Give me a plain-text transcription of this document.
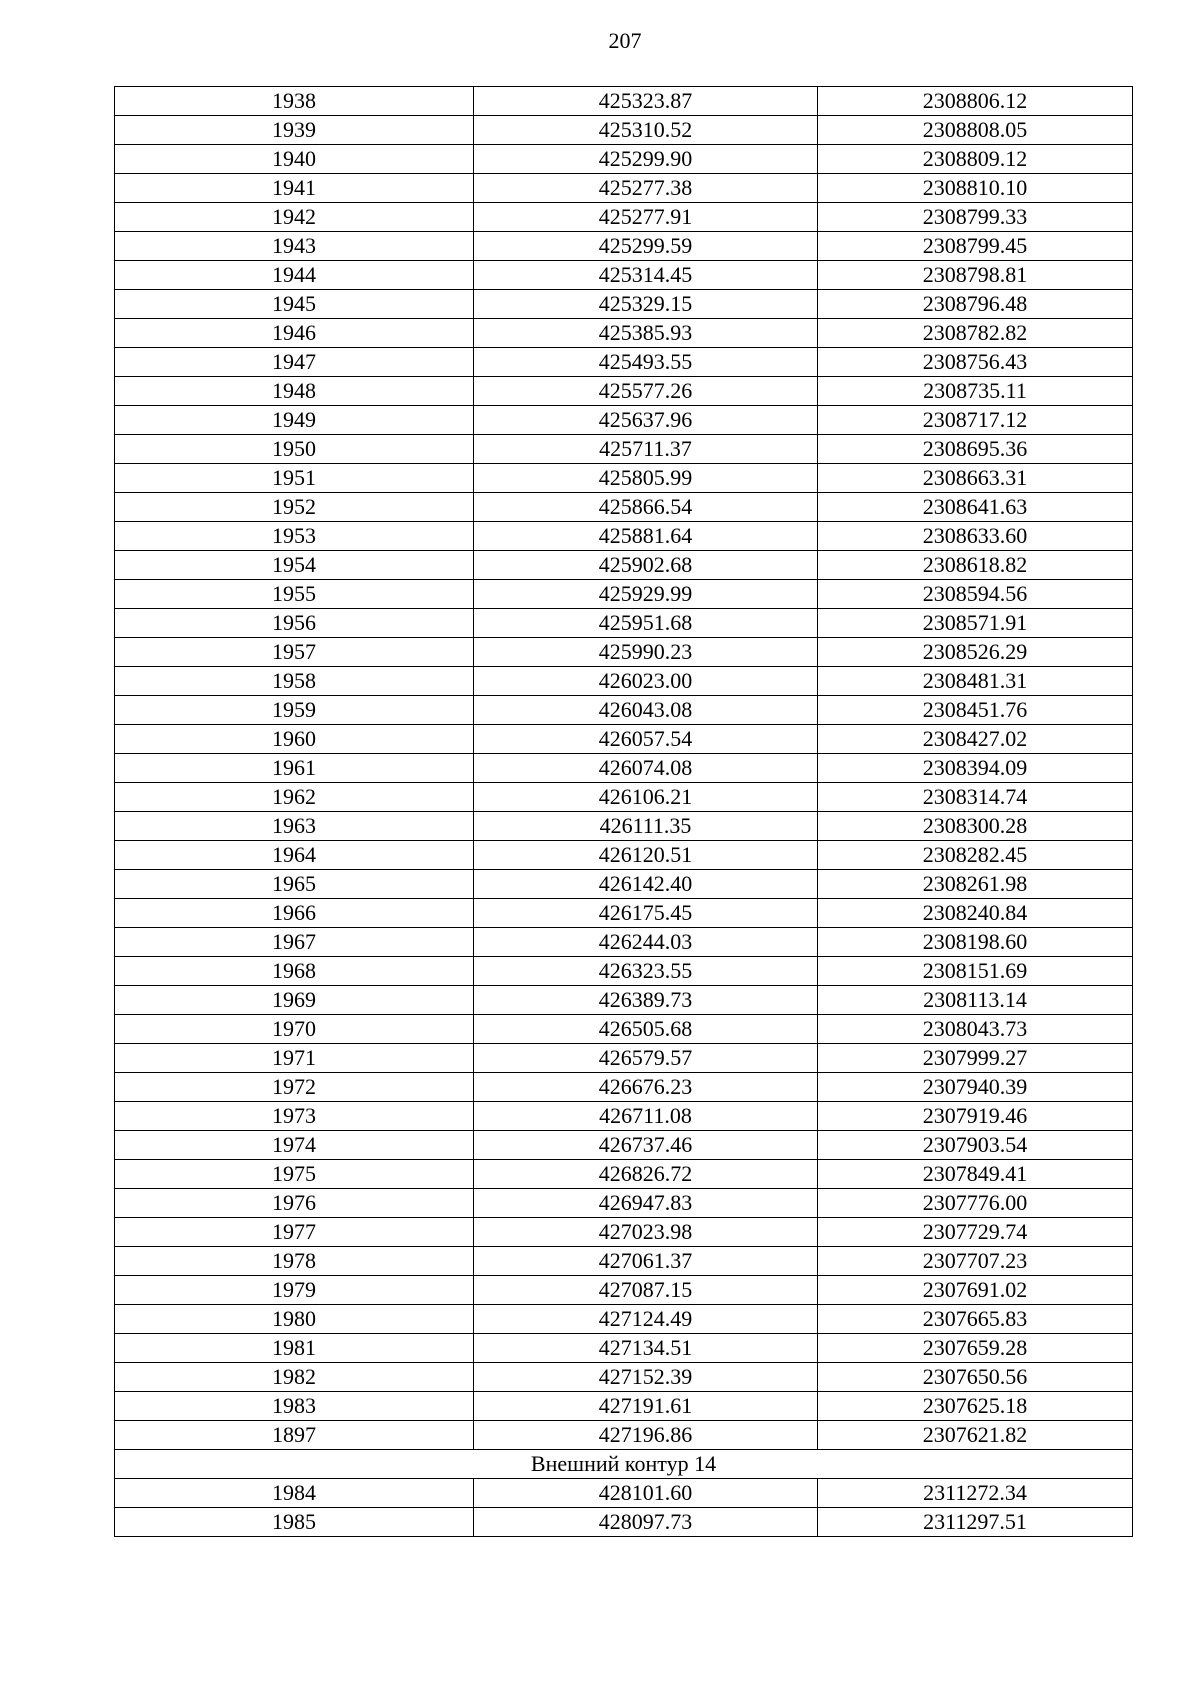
207
1938	425323.87	2308806.12
1939	425310.52	2308808.05
1940	425299.90	2308809.12
1941	425277.38	2308810.10
1942	425277.91	2308799.33
1943	425299.59	2308799.45
1944	425314.45	2308798.81
1945	425329.15	2308796.48
1946	425385.93	2308782.82
1947	425493.55	2308756.43
1948	425577.26	2308735.11
1949	425637.96	2308717.12
1950	425711.37	2308695.36
1951	425805.99	2308663.31
1952	425866.54	2308641.63
1953	425881.64	2308633.60
1954	425902.68	2308618.82
1955	425929.99	2308594.56
1956	425951.68	2308571.91
1957	425990.23	2308526.29
1958	426023.00	2308481.31
1959	426043.08	2308451.76
1960	426057.54	2308427.02
1961	426074.08	2308394.09
1962	426106.21	2308314.74
1963	426111.35	2308300.28
1964	426120.51	2308282.45
1965	426142.40	2308261.98
1966	426175.45	2308240.84
1967	426244.03	2308198.60
1968	426323.55	2308151.69
1969	426389.73	2308113.14
1970	426505.68	2308043.73
1971	426579.57	2307999.27
1972	426676.23	2307940.39
1973	426711.08	2307919.46
1974	426737.46	2307903.54
1975	426826.72	2307849.41
1976	426947.83	2307776.00
1977	427023.98	2307729.74
1978	427061.37	2307707.23
1979	427087.15	2307691.02
1980	427124.49	2307665.83
1981	427134.51	2307659.28
1982	427152.39	2307650.56
1983	427191.61	2307625.18
1897	427196.86	2307621.82
Внешний контур 14		
1984	428101.60	2311272.34
1985	428097.73	2311297.51
